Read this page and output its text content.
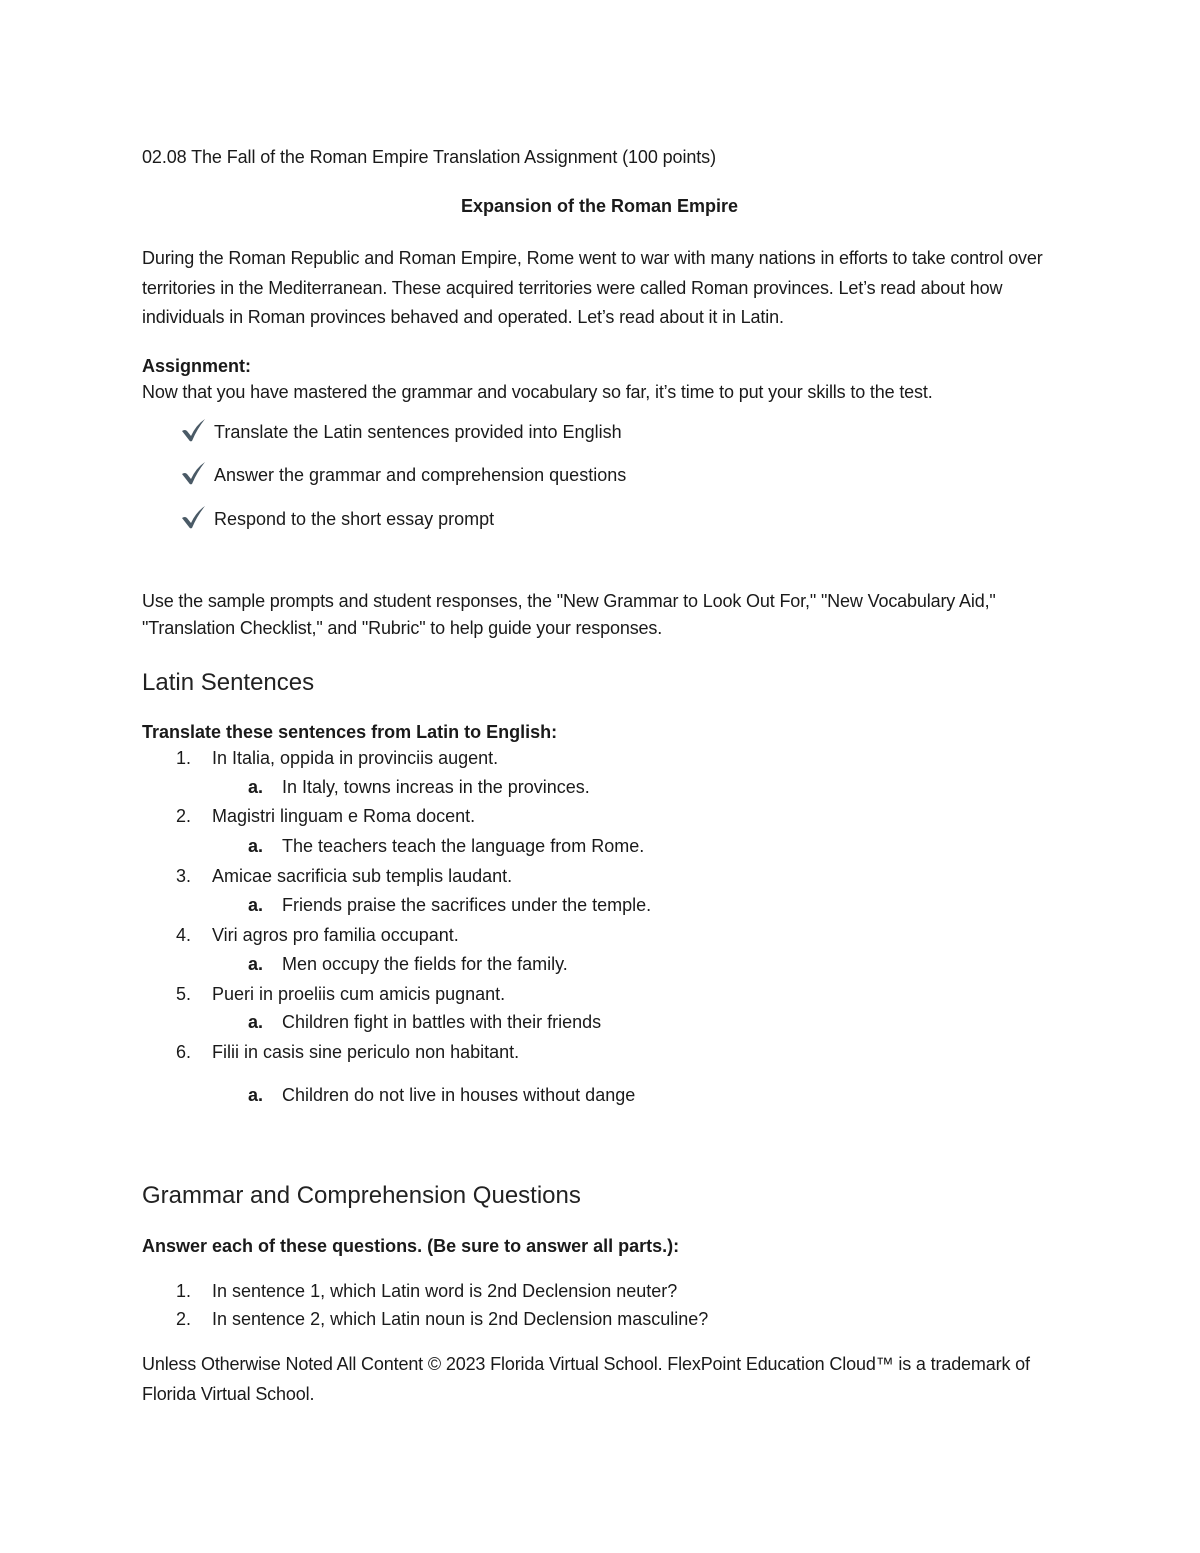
02.08 The Fall of the Roman Empire Translation Assignment (100 points)
Expansion of the Roman Empire
During the Roman Republic and Roman Empire, Rome went to war with many nations in efforts to take control over territories in the Mediterranean. These acquired territories were called Roman provinces. Let’s read about how individuals in Roman provinces behaved and operated. Let’s read about it in Latin.
Assignment:
Now that you have mastered the grammar and vocabulary so far, it’s time to put your skills to the test.
Translate the Latin sentences provided into English
Answer the grammar and comprehension questions
Respond to the short essay prompt
Use the sample prompts and student responses, the "New Grammar to Look Out For," "New Vocabulary Aid," "Translation Checklist," and "Rubric" to help guide your responses.
Latin Sentences
Translate these sentences from Latin to English:
1.	In Italia, oppida in provinciis augent.
a. In Italy, towns increas in the provinces.
2.	Magistri linguam e Roma docent.
a. The teachers teach the language from Rome.
3.	Amicae sacrificia sub templis laudant.
a. Friends praise the sacrifices under the temple.
4.	Viri agros pro familia occupant.
a. Men occupy the fields for the family.
5.	Pueri in proeliis cum amicis pugnant.
a. Children fight in battles with their friends
6.	Filii in casis sine periculo non habitant.
a. Children do not live in houses without dange
Grammar and Comprehension Questions
Answer each of these questions. (Be sure to answer all parts.):
1.	In sentence 1, which Latin word is 2nd Declension neuter?
2.	In sentence 2, which Latin noun is 2nd Declension masculine?
Unless Otherwise Noted All Content © 2023 Florida Virtual School. FlexPoint Education Cloud™ is a trademark of Florida Virtual School.
